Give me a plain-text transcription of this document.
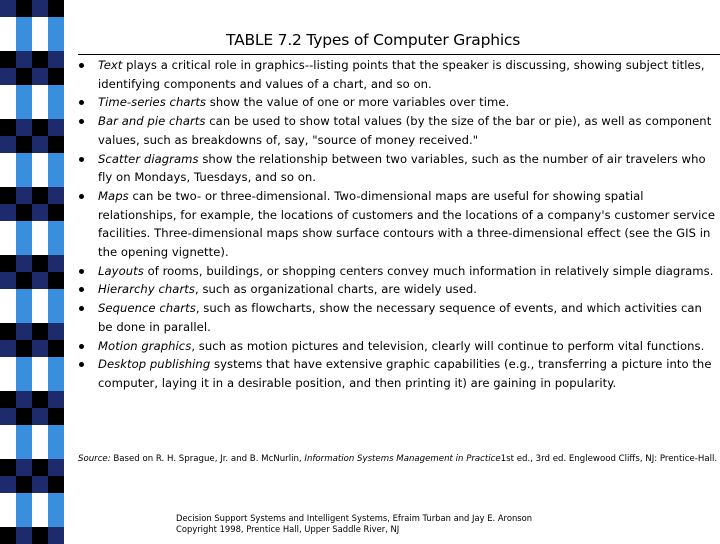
TABLE 7.2 Types of Computer Graphics
Text plays a critical role in graphics--listing points that the speaker is discussing, showing subject titles, identifying components and values of a chart, and so on.
Time-series charts show the value of one or more variables over time.
Bar and pie charts can be used to show total values (by the size of the bar or pie), as well as component values, such as breakdowns of, say, "source of money received."
Scatter diagrams show the relationship between two variables, such as the number of air travelers who fly on Mondays, Tuesdays, and so on.
Maps can be two- or three-dimensional. Two-dimensional maps are useful for showing spatial relationships, for example, the locations of customers and the locations of a company's customer service facilities. Three-dimensional maps show surface contours with a three-dimensional effect (see the GIS in the opening vignette).
Layouts of rooms, buildings, or shopping centers convey much information in relatively simple diagrams.
Hierarchy charts, such as organizational charts, are widely used.
Sequence charts, such as flowcharts, show the necessary sequence of events, and which activities can be done in parallel.
Motion graphics, such as motion pictures and television, clearly will continue to perform vital functions.
Desktop publishing systems that have extensive graphic capabilities (e.g., transferring a picture into the computer, laying it in a desirable position, and then printing it) are gaining in popularity.
Source: Based on R. H. Sprague, Jr. and B. McNurlin, Information Systems Management in Practice1st ed., 3rd ed. Englewood Cliffs, NJ: Prentice-Hall.
Decision Support Systems and Intelligent Systems, Efraim Turban and Jay E. Aronson
Copyright 1998, Prentice Hall, Upper Saddle River, NJ
